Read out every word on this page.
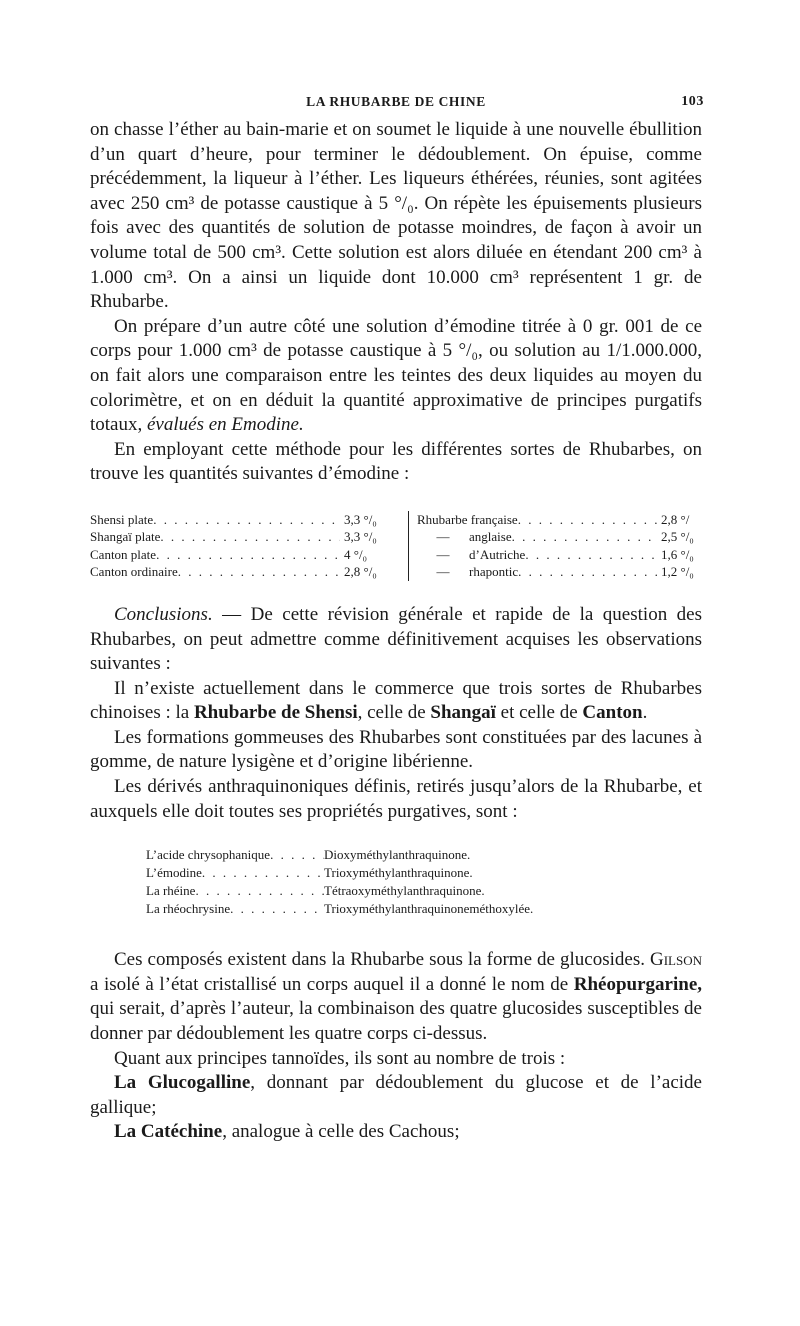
LA RHUBARBE DE CHINE	103

on chasse l’éther au bain-marie et on soumet le liquide à une nouvelle ébullition d’un quart d’heure, pour terminer le dédoublement. On épuise, comme précédemment, la liqueur à l’éther. Les liqueurs éthérées, réunies, sont agitées avec 250 cm³ de potasse caustique à 5 °/₀. On répète les épuisements plusieurs fois avec des quantités de solution de potasse moindres, de façon à avoir un volume total de 500 cm³. Cette solution est alors diluée en étendant 200 cm³ à 1.000 cm³. On a ainsi un liquide dont 10.000 cm³ représentent 1 gr. de Rhubarbe.

On prépare d’un autre côté une solution d’émodine titrée à 0 gr. 001 de ce corps pour 1.000 cm³ de potasse caustique à 5 °/₀, ou solution au 1/1.000.000, on fait alors une comparaison entre les teintes des deux liquides au moyen du colorimètre, et on en déduit la quantité approximative de principes purgatifs totaux, évalués en Emodine.

En employant cette méthode pour les différentes sortes de Rhubarbes, on trouve les quantités suivantes d’émodine :

Shensi plate . . .	3,3 °/₀
Shangaï plate . . .	3,3 °/₀
Canton plate . . .	4 °/₀
Canton ordinaire . . .	2,8 °/₀
Rhubarbe française . . .	2,8 °/
— anglaise . . .	2,5 °/₀
— d’Autriche . . .	1,6 °/₀
— rhapontic . . .	1,2 °/₀

Conclusions. — De cette révision générale et rapide de la question des Rhubarbes, on peut admettre comme définitivement acquises les observations suivantes :

Il n’existe actuellement dans le commerce que trois sortes de Rhubarbes chinoises : la Rhubarbe de Shensi, celle de Shangaï et celle de Canton.

Les formations gommeuses des Rhubarbes sont constituées par des lacunes à gomme, de nature lysigène et d’origine libérienne.

Les dérivés anthraquinoniques définis, retirés jusqu’alors de la Rhubarbe, et auxquels elle doit toutes ses propriétés purgatives, sont :

L’acide chrysophanique . . .	Dioxyméthylanthraquinone.
L’émodine . . .	Trioxyméthylanthraquinone.
La rhéine . . .	Tétraoxyméthylanthraquinone.
La rhéochrysine . . .	Trioxyméthylanthraquinoneméthoxylée.

Ces composés existent dans la Rhubarbe sous la forme de glucosides. Gilson a isolé à l’état cristallisé un corps auquel il a donné le nom de Rhéopurgarine, qui serait, d’après l’auteur, la combinaison des quatre glucosides susceptibles de donner par dédoublement les quatre corps ci-dessus.

Quant aux principes tannoïdes, ils sont au nombre de trois :

La Glucogalline, donnant par dédoublement du glucose et de l’acide gallique;

La Catéchine, analogue à celle des Cachous;
